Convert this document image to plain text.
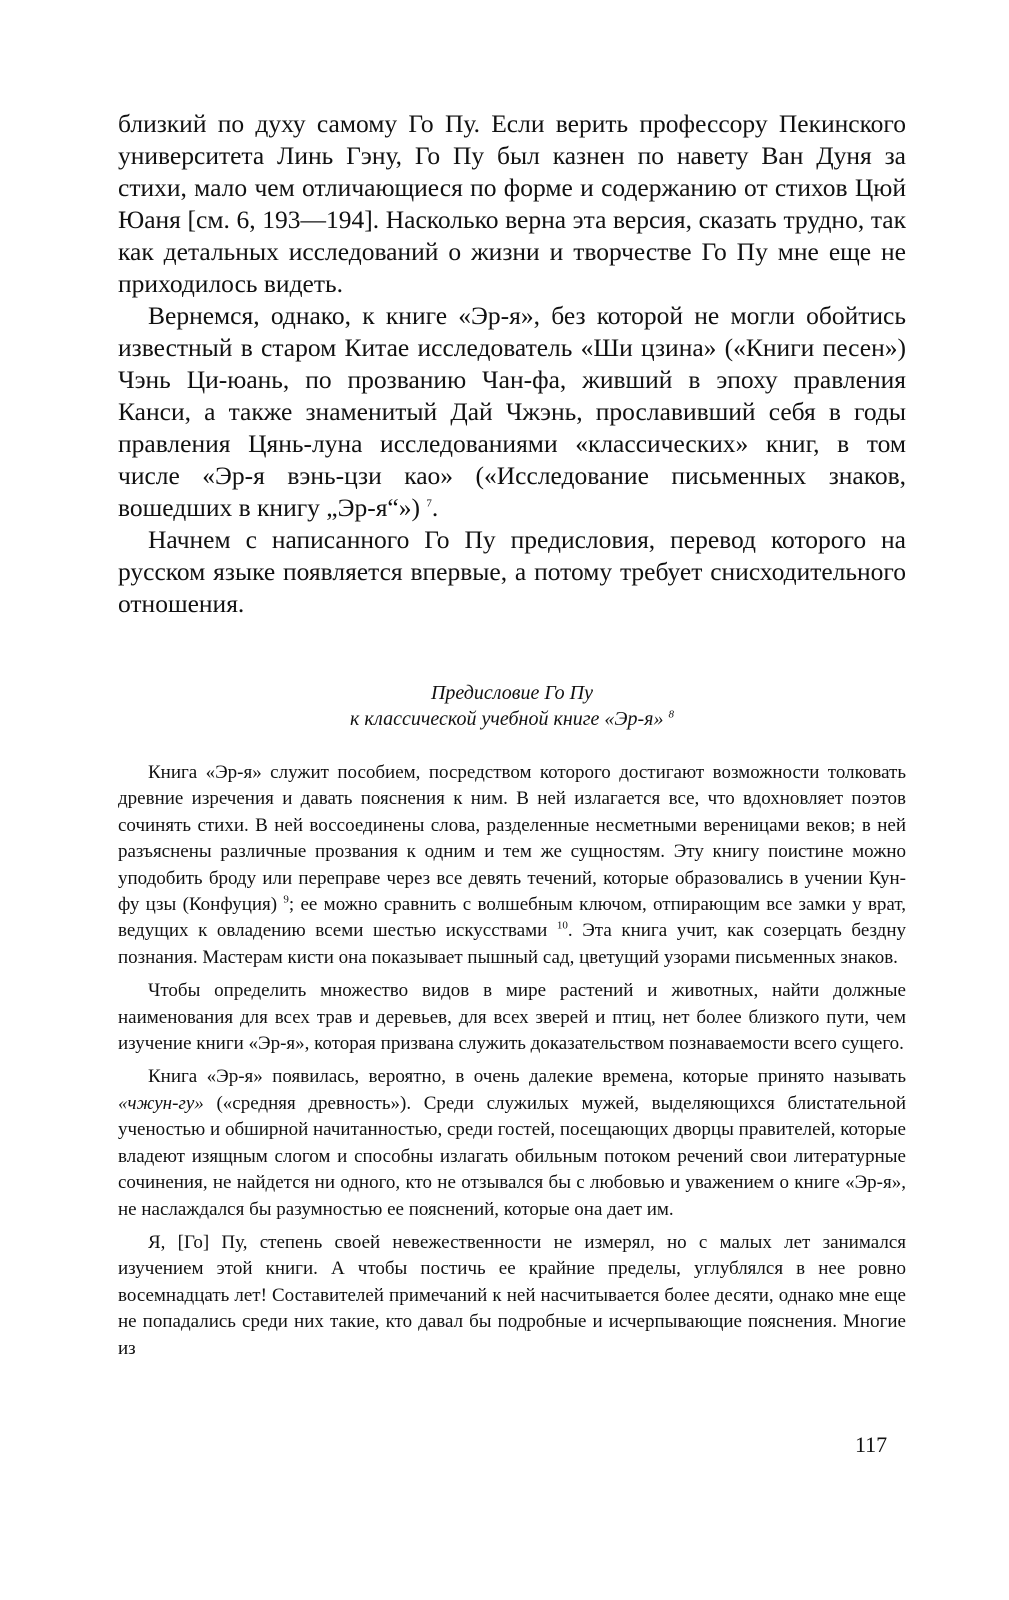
близкий по духу самому Го Пу. Если верить профессору Пекинского университета Линь Гэну, Го Пу был казнен по навету Ван Дуня за стихи, мало чем отличающиеся по форме и содержанию от стихов Цюй Юаня [см. 6, 193—194]. Насколько верна эта версия, сказать трудно, так как детальных исследований о жизни и творчестве Го Пу мне еще не приходилось видеть.

Вернемся, однако, к книге «Эр-я», без которой не могли обойтись известный в старом Китае исследователь «Ши цзина» («Книги песен») Чэнь Ци-юань, по прозванию Чан-фа, живший в эпоху правления Канси, а также знаменитый Дай Чжэнь, прославивший себя в годы правления Цянь-луна исследованиями «классических» книг, в том числе «Эр-я вэнь-цзи као» («Исследование письменных знаков, вошедших в книгу „Эр-я“») $^7$.

Начнем с написанного Го Пу предисловия, перевод которого на русском языке появляется впервые, а потому требует снисходительного отношения.

Предисловие Го Пу
к классической учебной книге «Эр-я» $^8$

Книга «Эр-я» служит пособием, посредством которого достигают возможности толковать древние изречения и давать пояснения к ним. В ней излагается все, что вдохновляет поэтов сочинять стихи. В ней воссоединены слова, разделенные несметными вереницами веков; в ней разъяснены различные прозвания к одним и тем же сущностям. Эту книгу поистине можно уподобить броду или переправе через все девять течений, которые образовались в учении Кун-фу цзы (Конфуция) $^9$; ее можно сравнить с волшебным ключом, отпирающим все замки у врат, ведущих к овладению всеми шестью искусствами $^{10}$. Эта книга учит, как созерцать бездну познания. Мастерам кисти она показывает пышный сад, цветущий узорами письменных знаков.

Чтобы определить множество видов в мире растений и животных, найти должные наименования для всех трав и деревьев, для всех зверей и птиц, нет более близкого пути, чем изучение книги «Эр-я», которая призвана служить доказательством познаваемости всего сущего.

Книга «Эр-я» появилась, вероятно, в очень далекие времена, которые принято называть «чжун-гу» («средняя древность»). Среди служилых мужей, выделяющихся блистательной ученостью и обширной начитанностью, среди гостей, посещающих дворцы правителей, которые владеют изящным слогом и способны излагать обильным потоком речений свои литературные сочинения, не найдется ни одного, кто не отзывался бы с любовью и уважением о книге «Эр-я», не наслаждался бы разумностью ее пояснений, которые она дает им.

Я, [Го] Пу, степень своей невежественности не измерял, но с малых лет занимался изучением этой книги. А чтобы постичь ее крайние пределы, углублялся в нее ровно восемнадцать лет! Составителей примечаний к ней насчитывается более десяти, однако мне еще не попадались среди них такие, кто давал бы подробные и исчерпывающие пояснения. Многие из

117
